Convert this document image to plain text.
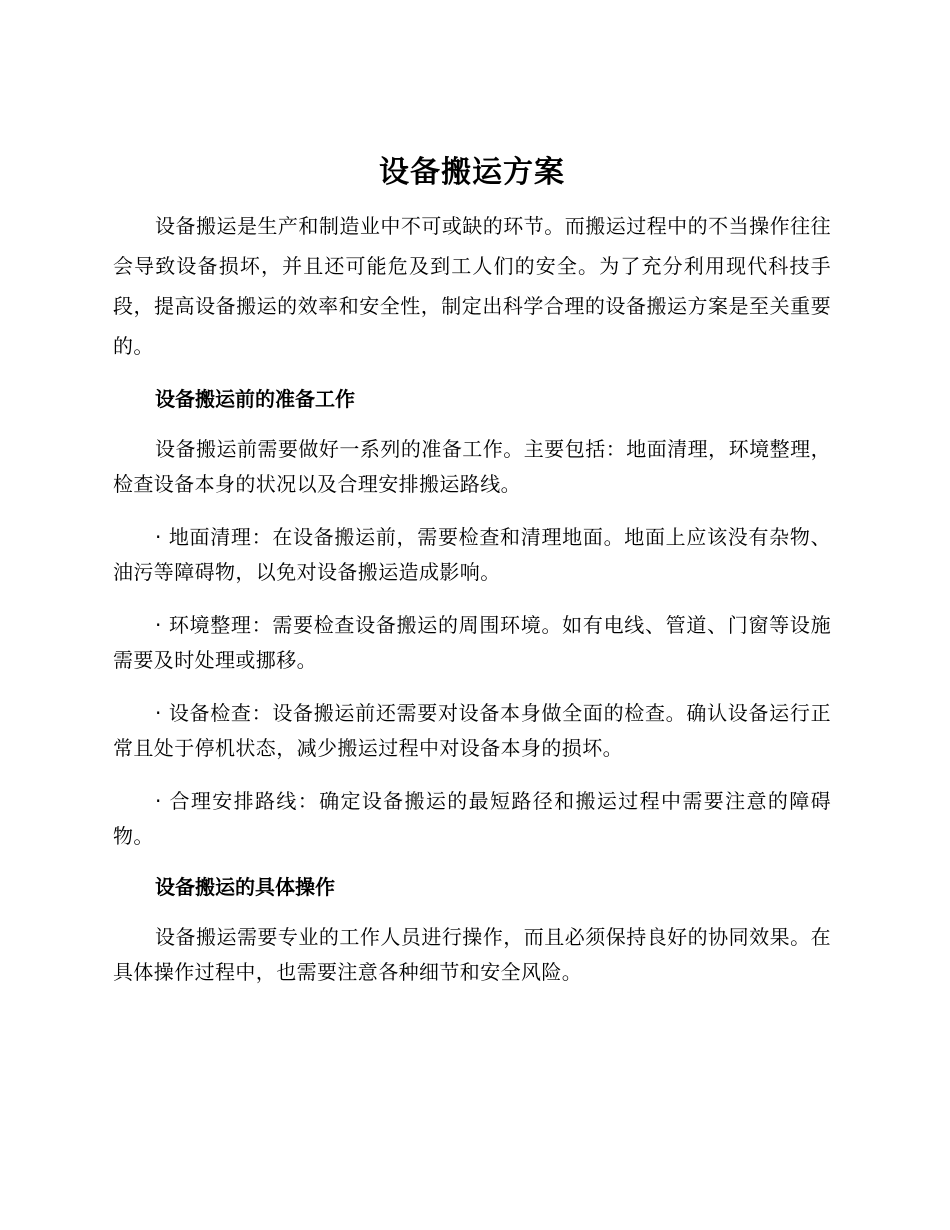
设备搬运方案

设备搬运是生产和制造业中不可或缺的环节。而搬运过程中的不当操作往往会导致设备损坏，并且还可能危及到工人们的安全。为了充分利用现代科技手段，提高设备搬运的效率和安全性，制定出科学合理的设备搬运方案是至关重要的。

设备搬运前的准备工作

设备搬运前需要做好一系列的准备工作。主要包括：地面清理，环境整理，检查设备本身的状况以及合理安排搬运路线。

· 地面清理：在设备搬运前，需要检查和清理地面。地面上应该没有杂物、油污等障碍物，以免对设备搬运造成影响。

· 环境整理：需要检查设备搬运的周围环境。如有电线、管道、门窗等设施需要及时处理或挪移。

· 设备检查：设备搬运前还需要对设备本身做全面的检查。确认设备运行正常且处于停机状态，减少搬运过程中对设备本身的损坏。

· 合理安排路线：确定设备搬运的最短路径和搬运过程中需要注意的障碍物。

设备搬运的具体操作

设备搬运需要专业的工作人员进行操作，而且必须保持良好的协同效果。在具体操作过程中，也需要注意各种细节和安全风险。
